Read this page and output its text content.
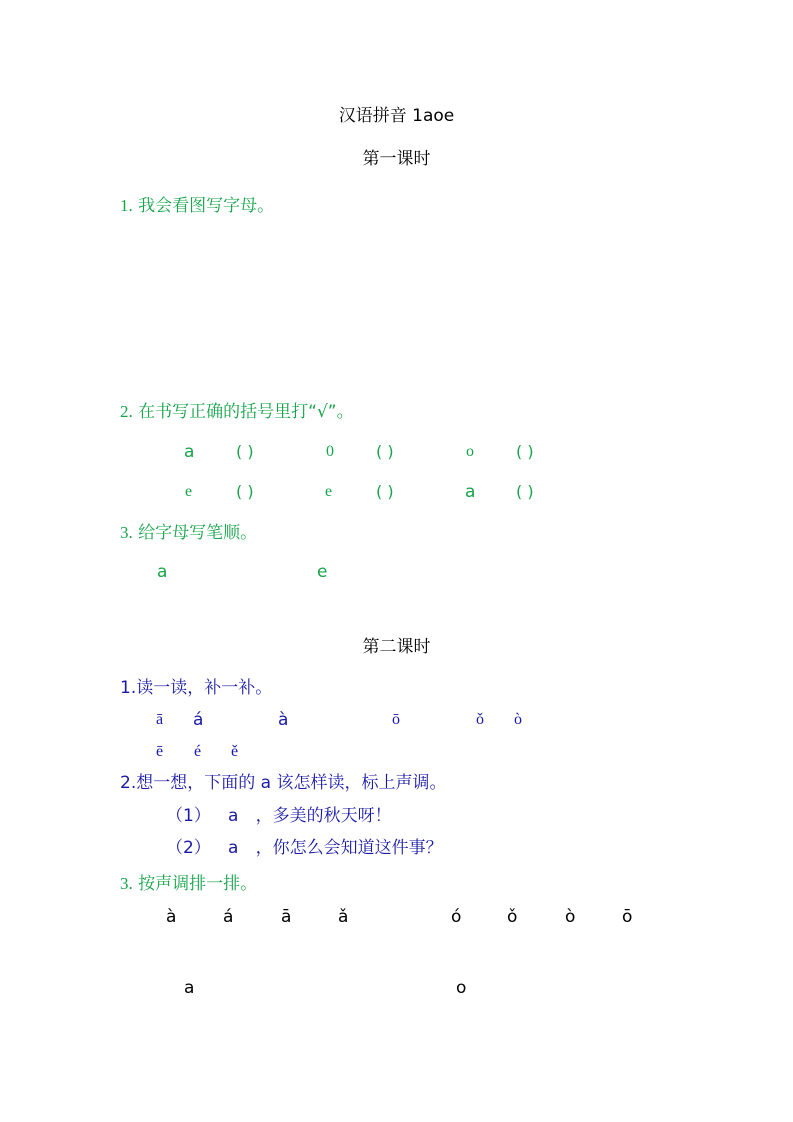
汉语拼音 1aoe
第一课时
1. 我会看图写字母。
2. 在书写正确的括号里打“√”。
a	( )	0	( )	o	( )
e	( )	e	( )	a	( )
3. 给字母写笔顺。
a	e
第二课时
1.读一读，补一补。
ā á	à	ō	ǒ ò
ē é ě
2.想一想，下面的 a 该怎样读，标上声调。
（1） a ，多美的秋天呀！
（2） a ，你怎么会知道这件事？
3. 按声调排一排。
à	á	ā	ǎ	ó	ǒ	ò	ō
a	o
